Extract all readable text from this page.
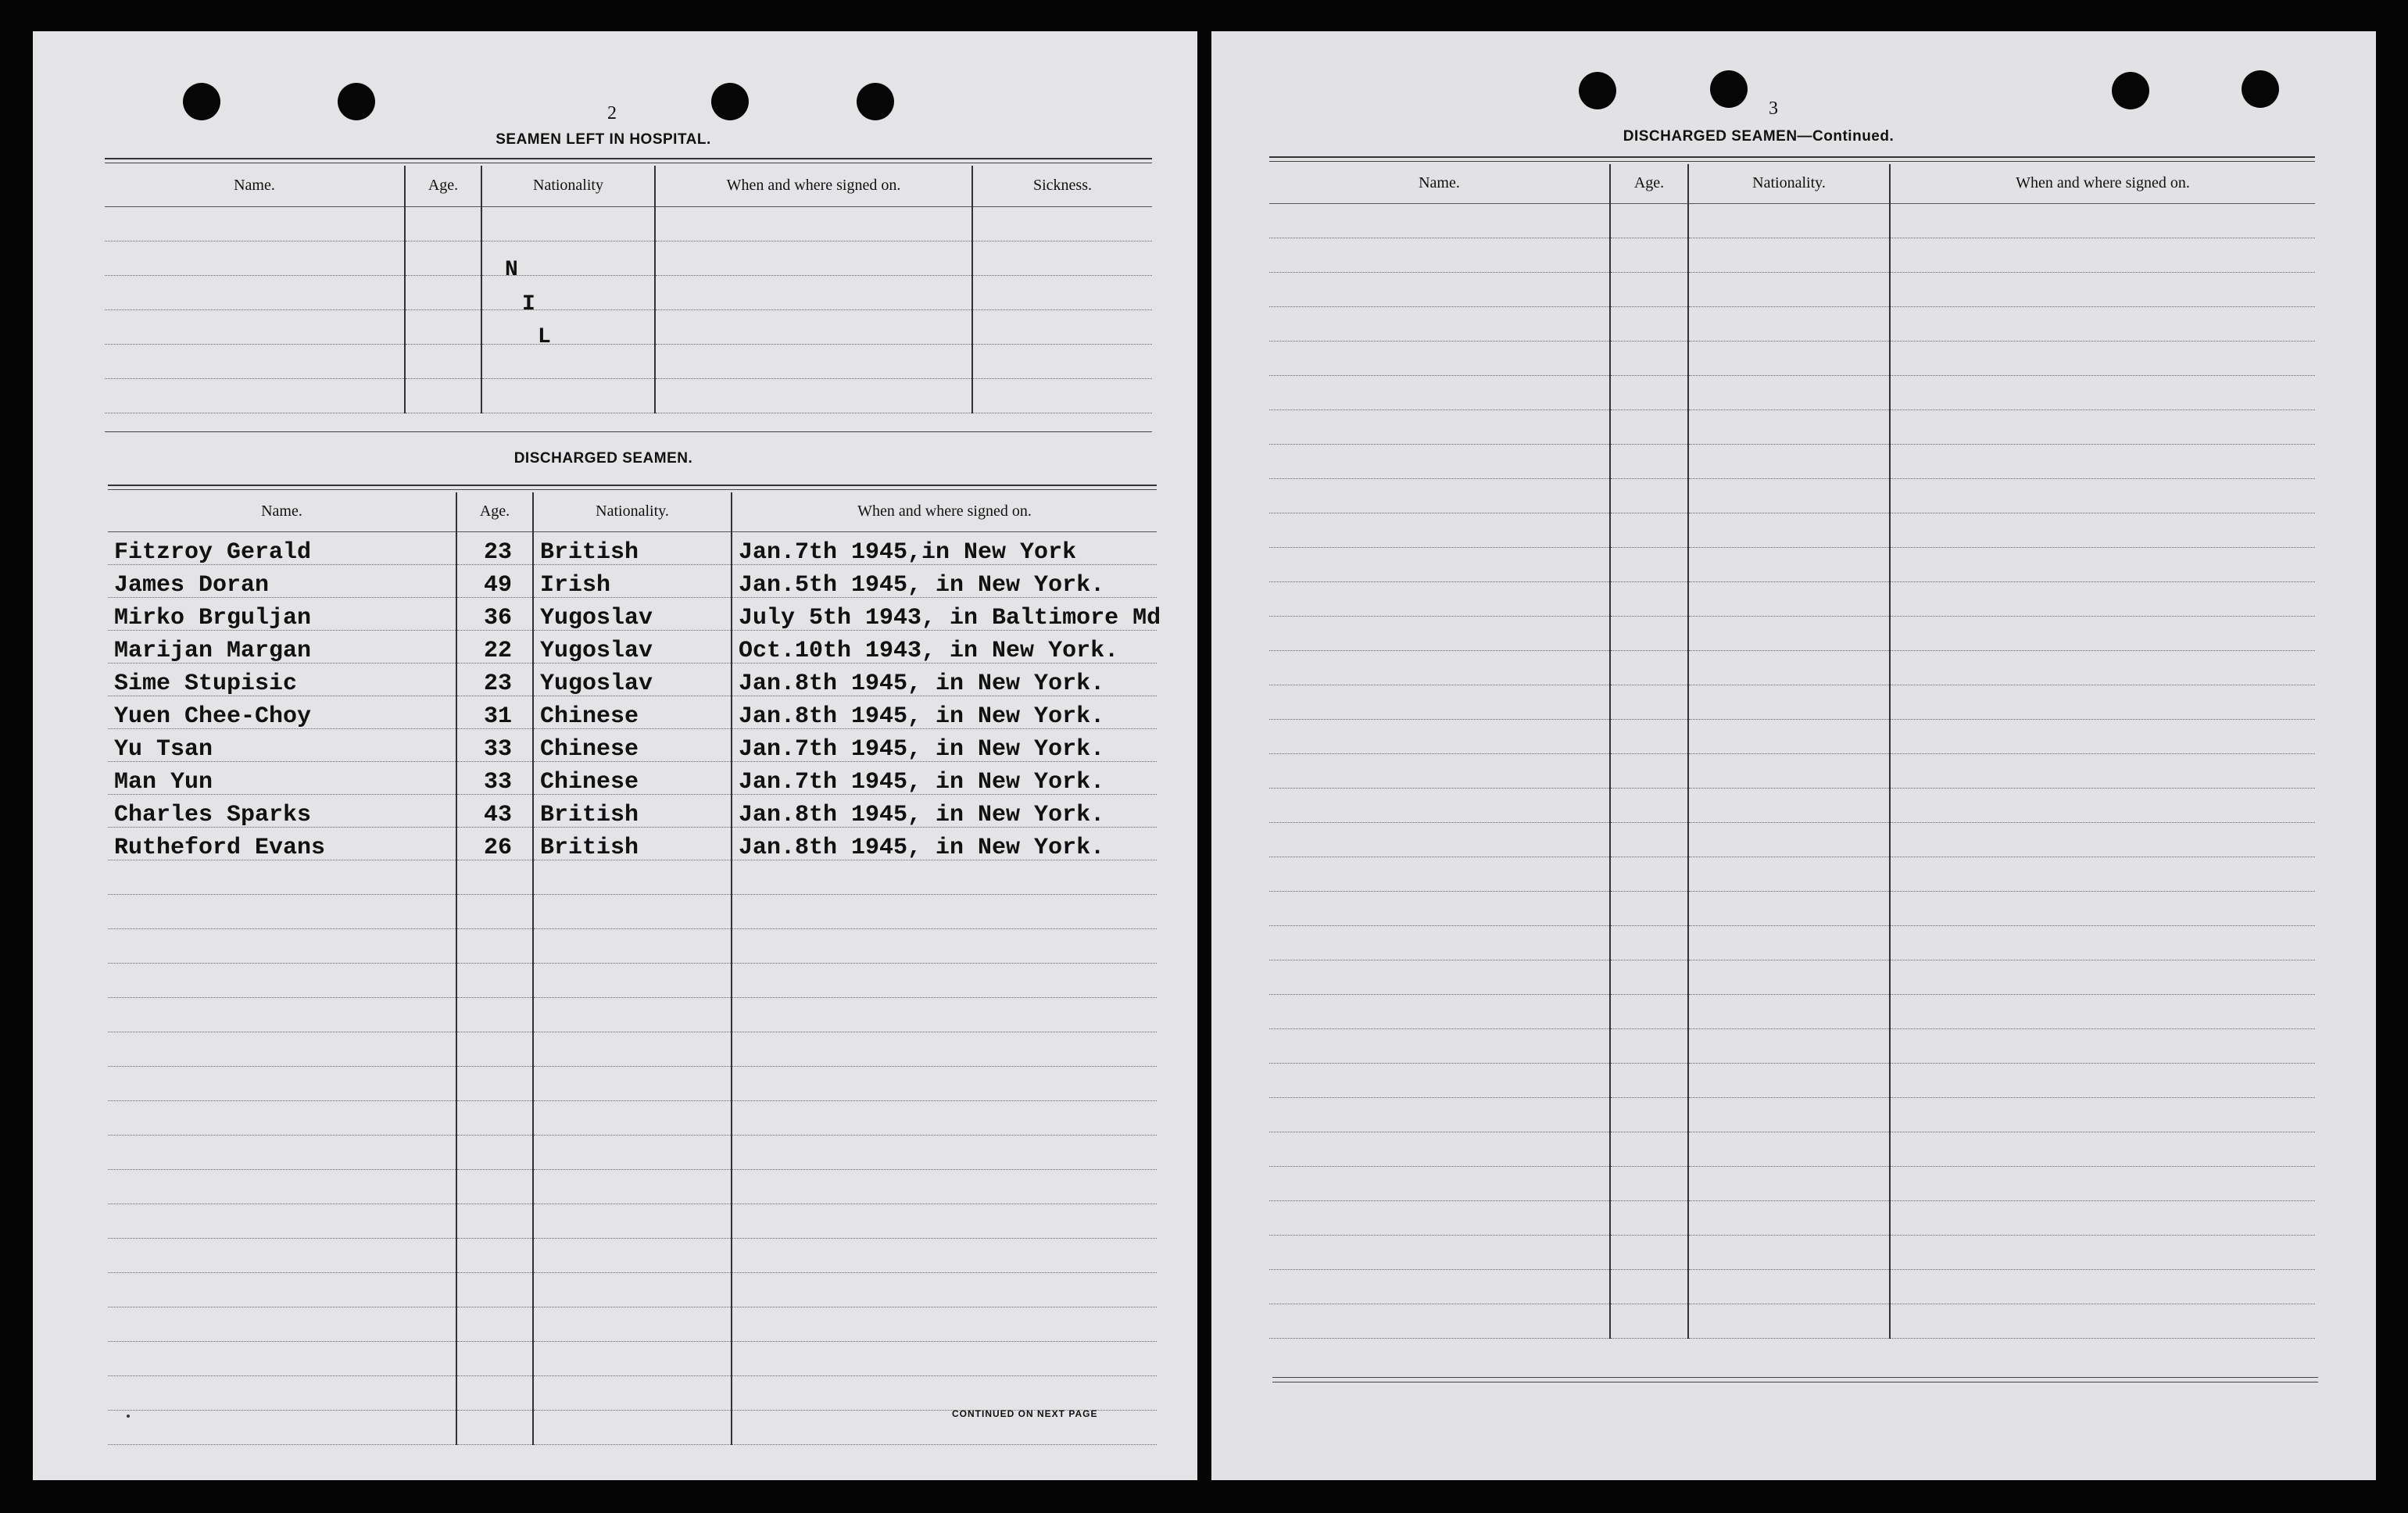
2
SEAMEN LEFT IN HOSPITAL.
Name.	Age.	Nationality	When and where signed on.	Sickness.

N
I
L
DISCHARGED SEAMEN.
Name.	Age.	Nationality.	When and where signed on.
Fitzroy Gerald	23	British	Jan.7th 1945,in New York
James Doran	49	Irish	Jan.5th 1945, in New York.
Mirko Brguljan	36	Yugoslav	July 5th 1943, in Baltimore Md
Marijan Margan	22	Yugoslav	Oct.10th 1943, in New York.
Sime Stupisic	23	Yugoslav	Jan.8th 1945, in New York.
Yuen Chee-Choy	31	Chinese	Jan.8th 1945, in New York.
Yu Tsan	33	Chinese	Jan.7th 1945, in New York.
Man Yun	33	Chinese	Jan.7th 1945, in New York.
Charles Sparks	43	British	Jan.8th 1945, in New York.
Rutheford Evans	26	British	Jan.8th 1945, in New York.

CONTINUED ON NEXT PAGE
3
DISCHARGED SEAMEN—Continued.
Name.	Age.	Nationality.	When and where signed on.
